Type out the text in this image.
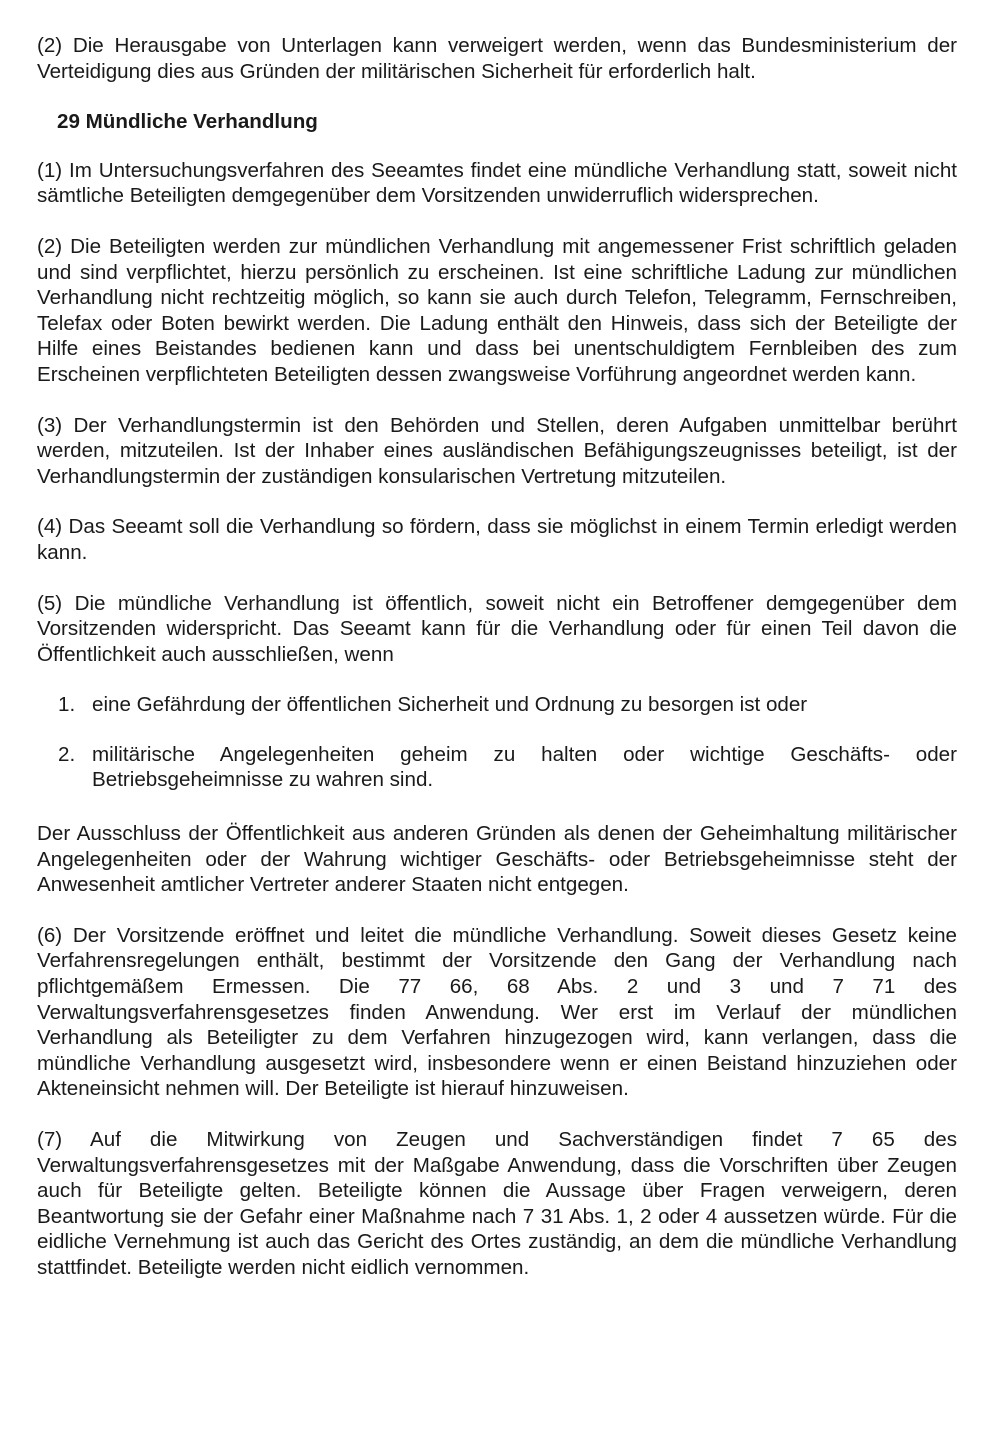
(2) Die Herausgabe von Unterlagen kann verweigert werden, wenn das Bundesministerium der Verteidigung dies aus Gründen der militärischen Sicherheit für erforderlich halt.

29 Mündliche Verhandlung

(1) Im Untersuchungsverfahren des Seeamtes findet eine mündliche Verhandlung statt, soweit nicht sämtliche Beteiligten demgegenüber dem Vorsitzenden unwiderruflich widersprechen.

(2) Die Beteiligten werden zur mündlichen Verhandlung mit angemessener Frist schriftlich geladen und sind verpflichtet, hierzu persönlich zu erscheinen. Ist eine schriftliche Ladung zur mündlichen Verhandlung nicht rechtzeitig möglich, so kann sie auch durch Telefon, Telegramm, Fernschreiben, Telefax oder Boten bewirkt werden. Die Ladung enthält den Hinweis, dass sich der Beteiligte der Hilfe eines Beistandes bedienen kann und dass bei unentschuldigtem Fernbleiben des zum Erscheinen verpflichteten Beteiligten dessen zwangsweise Vorführung angeordnet werden kann.

(3) Der Verhandlungstermin ist den Behörden und Stellen, deren Aufgaben unmittelbar berührt werden, mitzuteilen. Ist der Inhaber eines ausländischen Befähigungszeugnisses beteiligt, ist der Verhandlungstermin der zuständigen konsularischen Vertretung mitzuteilen.

(4) Das Seeamt soll die Verhandlung so fördern, dass sie möglichst in einem Termin erledigt werden kann.

(5) Die mündliche Verhandlung ist öffentlich, soweit nicht ein Betroffener demgegenüber dem Vorsitzenden widerspricht. Das Seeamt kann für die Verhandlung oder für einen Teil davon die Öffentlichkeit auch ausschließen, wenn

1. eine Gefährdung der öffentlichen Sicherheit und Ordnung zu besorgen ist oder
2. militärische Angelegenheiten geheim zu halten oder wichtige Geschäfts- oder Betriebsgeheimnisse zu wahren sind.

Der Ausschluss der Öffentlichkeit aus anderen Gründen als denen der Geheimhaltung militärischer Angelegenheiten oder der Wahrung wichtiger Geschäfts- oder Betriebsgeheimnisse steht der Anwesenheit amtlicher Vertreter anderer Staaten nicht entgegen.

(6) Der Vorsitzende eröffnet und leitet die mündliche Verhandlung. Soweit dieses Gesetz keine Verfahrensregelungen enthält, bestimmt der Vorsitzende den Gang der Verhandlung nach pflichtgemäßem Ermessen. Die 77 66, 68 Abs. 2 und 3 und 7 71 des Verwaltungsverfahrensgesetzes finden Anwendung. Wer erst im Verlauf der mündlichen Verhandlung als Beteiligter zu dem Verfahren hinzugezogen wird, kann verlangen, dass die mündliche Verhandlung ausgesetzt wird, insbesondere wenn er einen Beistand hinzuziehen oder Akteneinsicht nehmen will. Der Beteiligte ist hierauf hinzuweisen.

(7) Auf die Mitwirkung von Zeugen und Sachverständigen findet 7 65 des Verwaltungsverfahrensgesetzes mit der Maßgabe Anwendung, dass die Vorschriften über Zeugen auch für Beteiligte gelten. Beteiligte können die Aussage über Fragen verweigern, deren Beantwortung sie der Gefahr einer Maßnahme nach 7 31 Abs. 1, 2 oder 4 aussetzen würde. Für die eidliche Vernehmung ist auch das Gericht des Ortes zuständig, an dem die mündliche Verhandlung stattfindet. Beteiligte werden nicht eidlich vernommen.
